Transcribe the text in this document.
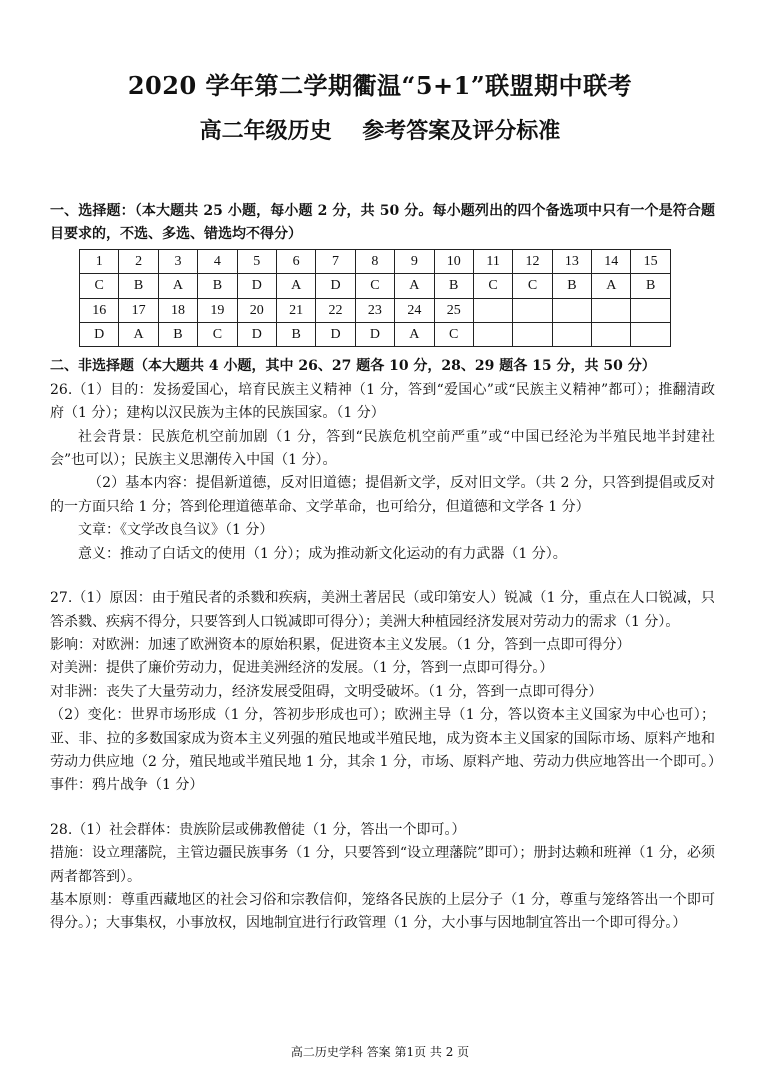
2020 学年第二学期衢温“5+1”联盟期中联考
高二年级历史    参考答案及评分标准

一、选择题：（本大题共 25 小题，每小题 2 分，共 50 分。每小题列出的四个备选项中只有一个是符合题目要求的，不选、多选、错选均不得分）

1	2	3	4	5	6	7	8	9	10	11	12	13	14	15
C	B	A	B	D	A	D	C	A	B	C	C	B	A	B
16	17	18	19	20	21	22	23	24	25					
D	A	B	C	D	B	D	D	A	C					

二、非选择题（本大题共 4 小题，其中 26、27 题各 10 分，28、29 题各 15 分，共 50 分）

26.（1）目的：发扬爱国心，培育民族主义精神（1 分，答到“爱国心”或“民族主义精神”都可）；推翻清政府（1 分）；建构以汉民族为主体的民族国家。（1 分）

社会背景：民族危机空前加剧（1 分，答到“民族危机空前严重”或“中国已经沦为半殖民地半封建社会”也可以）；民族主义思潮传入中国（1 分）。

（2）基本内容：提倡新道德，反对旧道德；提倡新文学，反对旧文学。（共 2 分，只答到提倡或反对的一方面只给 1 分；答到伦理道德革命、文学革命，也可给分，但道德和文学各 1 分）

文章：《文学改良刍议》（1 分）

意义：推动了白话文的使用（1 分）；成为推动新文化运动的有力武器（1 分）。

27.（1）原因：由于殖民者的杀戮和疾病，美洲土著居民（或印第安人）锐减（1 分，重点在人口锐减，只答杀戮、疾病不得分，只要答到人口锐减即可得分）；美洲大种植园经济发展对劳动力的需求（1 分）。

影响：对欧洲：加速了欧洲资本的原始积累，促进资本主义发展。（1 分，答到一点即可得分）

对美洲：提供了廉价劳动力，促进美洲经济的发展。（1 分，答到一点即可得分。）

对非洲：丧失了大量劳动力，经济发展受阻碍，文明受破坏。（1 分，答到一点即可得分）

（2）变化：世界市场形成（1 分，答初步形成也可）；欧洲主导（1 分，答以资本主义国家为中心也可）；亚、非、拉的多数国家成为资本主义列强的殖民地或半殖民地，成为资本主义国家的国际市场、原料产地和劳动力供应地（2 分，殖民地或半殖民地 1 分，其余 1 分，市场、原料产地、劳动力供应地答出一个即可。）

事件：鸦片战争（1 分）

28.（1）社会群体：贵族阶层或佛教僧徒（1 分，答出一个即可。）

措施：设立理藩院，主管边疆民族事务（1 分，只要答到“设立理藩院”即可）；册封达赖和班禅（1 分，必须两者都答到）。

基本原则：尊重西藏地区的社会习俗和宗教信仰，笼络各民族的上层分子（1 分，尊重与笼络答出一个即可得分。）；大事集权，小事放权，因地制宜进行行政管理（1 分，大小事与因地制宜答出一个即可得分。）

高二历史学科 答案 第1页 共 2 页
